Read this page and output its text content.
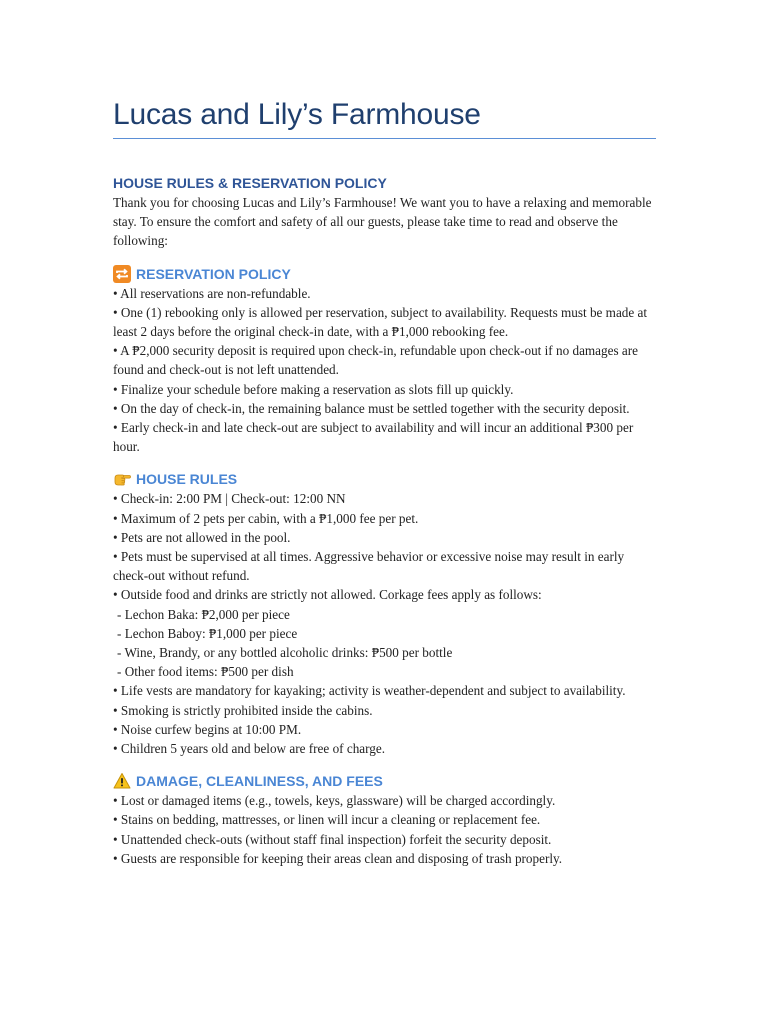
Lucas and Lily’s Farmhouse
HOUSE RULES & RESERVATION POLICY

Thank you for choosing Lucas and Lily’s Farmhouse! We want you to have a relaxing and memorable stay. To ensure the comfort and safety of all our guests, please take time to read and observe the following:

RESERVATION POLICY
• All reservations are non-refundable.
• One (1) rebooking only is allowed per reservation, subject to availability. Requests must be made at least 2 days before the original check-in date, with a ₱1,000 rebooking fee.
• A ₱2,000 security deposit is required upon check-in, refundable upon check-out if no damages are found and check-out is not left unattended.
• Finalize your schedule before making a reservation as slots fill up quickly.
• On the day of check-in, the remaining balance must be settled together with the security deposit.
• Early check-in and late check-out are subject to availability and will incur an additional ₱300 per hour.
HOUSE RULES
• Check-in: 2:00 PM | Check-out: 12:00 NN
• Maximum of 2 pets per cabin, with a ₱1,000 fee per pet.
• Pets are not allowed in the pool.
• Pets must be supervised at all times. Aggressive behavior or excessive noise may result in early check-out without refund.
• Outside food and drinks are strictly not allowed. Corkage fees apply as follows:
- Lechon Baka: ₱2,000 per piece
- Lechon Baboy: ₱1,000 per piece
- Wine, Brandy, or any bottled alcoholic drinks: ₱500 per bottle
- Other food items: ₱500 per dish
• Life vests are mandatory for kayaking; activity is weather-dependent and subject to availability.
• Smoking is strictly prohibited inside the cabins.
• Noise curfew begins at 10:00 PM.
• Children 5 years old and below are free of charge.
DAMAGE, CLEANLINESS, AND FEES
• Lost or damaged items (e.g., towels, keys, glassware) will be charged accordingly.
• Stains on bedding, mattresses, or linen will incur a cleaning or replacement fee.
• Unattended check-outs (without staff final inspection) forfeit the security deposit.
• Guests are responsible for keeping their areas clean and disposing of trash properly.
